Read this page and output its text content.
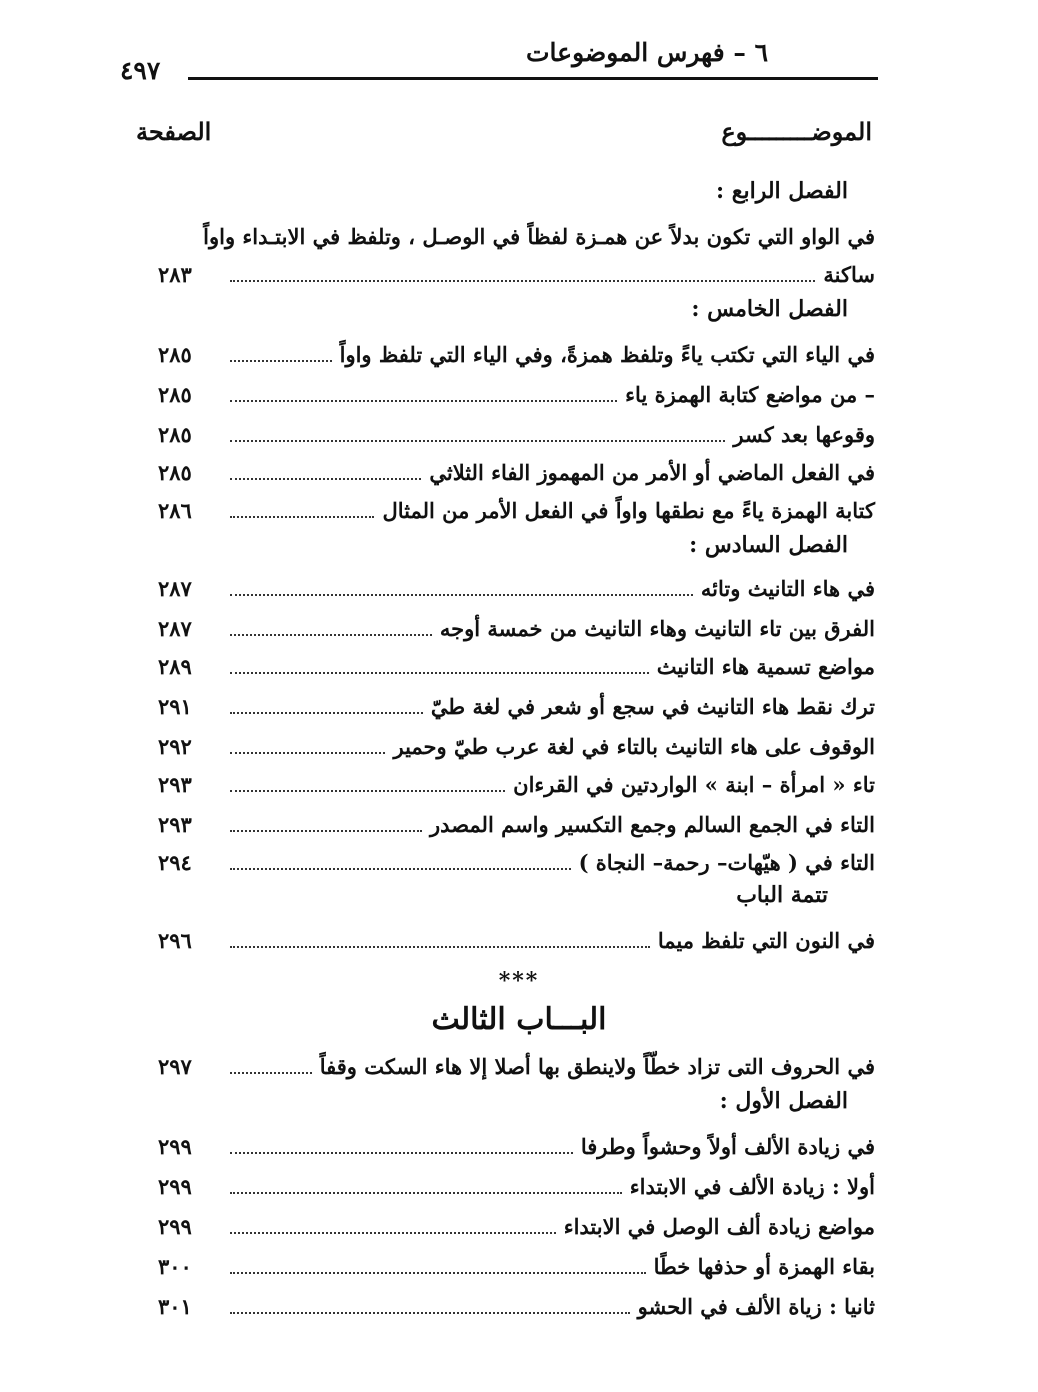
٦ – فهرس الموضوعات
٤٩٧
الموضـــــــــوع
الصفحة
الفصل الرابع :
في الواو التي تكون بدلاً عن همـزة لفظاً في الوصـل ، وتلفظ في الابتـداء واواً
٢٨٣	ساكنة
الفصل الخامس :
٢٨٥	في الياء التي تكتب ياءً وتلفظ همزةً، وفي الياء التي تلفظ واواً
٢٨٥	– من مواضع كتابة الهمزة ياء
٢٨٥	وقوعها بعد كسر
٢٨٥	في الفعل الماضي أو الأمر من المهموز الفاء الثلاثي
٢٨٦	كتابة الهمزة ياءً مع نطقها واواً في الفعل الأمر من المثال
الفصل السادس :
٢٨٧	في هاء التانيث وتائه
٢٨٧	الفرق بين تاء التانيث وهاء التانيث من خمسة أوجه
٢٨٩	مواضع تسمية هاء التانيث
٢٩١	ترك نقط هاء التانيث في سجع أو شعر في لغة طيّ
٢٩٢	الوقوف على هاء التانيث بالتاء في لغة عرب طيّ وحمير
٢٩٣	تاء « امرأة – ابنة » الواردتين في القرءان
٢٩٣	التاء في الجمع السالم وجمع التكسير واسم المصدر
٢٩٤	التاء في ( هيّهات– رحمة– النجاة )
تتمة الباب
٢٩٦	في النون التي تلفظ ميما
***
البـــاب الثالث
٢٩٧	في الحروف التى تزاد خطّاً ولاينطق بها أصلا إلا هاء السكت وقفاً
الفصل الأول :
٢٩٩	في زيادة الألف أولاً وحشواً وطرفا
٢٩٩	أولا : زيادة الألف في الابتداء
٢٩٩	مواضع زيادة ألف الوصل في الابتداء
٣٠٠	بقاء الهمزة أو حذفها خطًا
٣٠١	ثانيا : زياة الألف في الحشو
